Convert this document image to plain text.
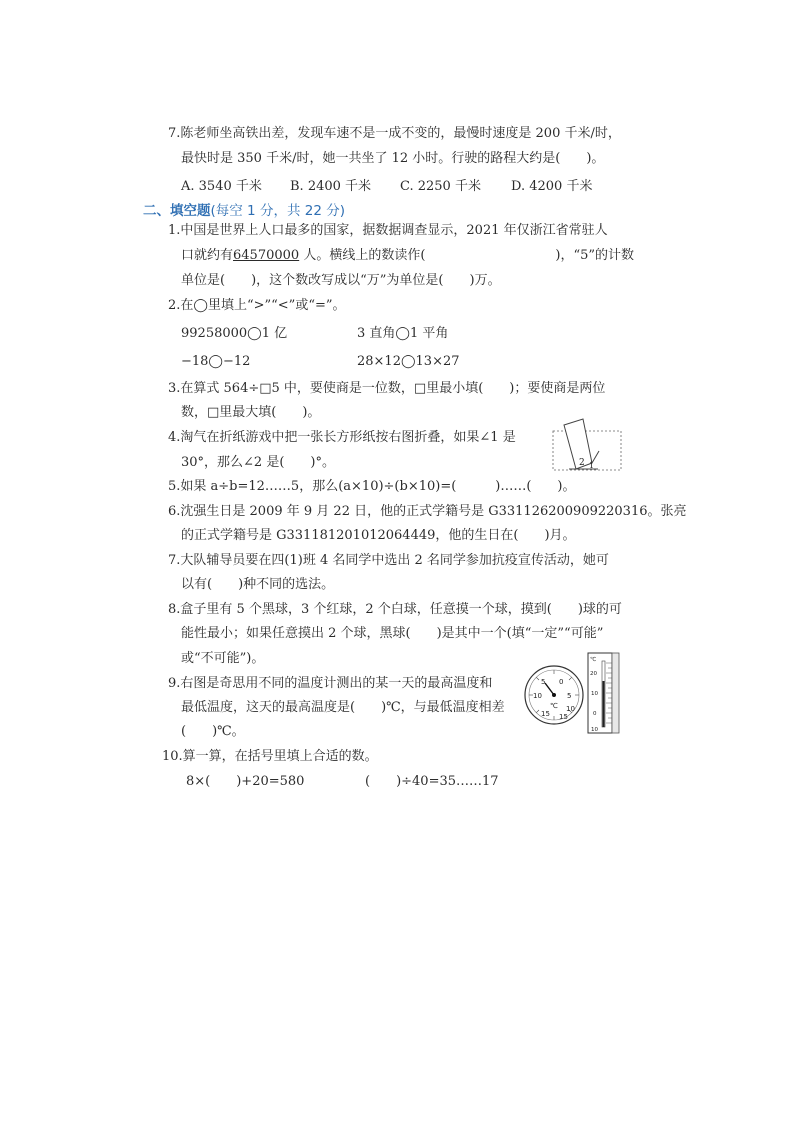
7.陈老师坐高铁出差，发现车速不是一成不变的，最慢时速度是 200 千米/时，
最快时是 350 千米/时，她一共坐了 12 小时。行驶的路程大约是(　　)。
A. 3540 千米 B. 2400 千米 C. 2250 千米 D. 4200 千米
二、填空题(每空 1 分，共 22 分)
1.中国是世界上人口最多的国家，据数据调查显示，2021 年仅浙江省常驻人
口就约有64570000 人。横线上的数读作(　　　　　　　　　　)，“5”的计数
单位是(　　)，这个数改写成以“万”为单位是(　　)万。
2.在◯里填上“>”“<”或“=”。
99258000◯1 亿	3 直角◯1 平角
−18◯−12	28×12◯13×27
3.在算式 564÷□5 中，要使商是一位数，□里最小填(　　)；要使商是两位
数，□里最大填(　　)。
4.淘气在折纸游戏中把一张长方形纸按右图折叠，如果∠1 是
30°，那么∠2 是(　　)°。	2 1
5.如果 a÷b=12……5，那么(a×10)÷(b×10)=(　　　)……(　　)。
6.沈强生日是 2009 年 9 月 22 日，他的正式学籍号是 G331126200909220316。张亮
的正式学籍号是 G331181201012064449，他的生日在(　　)月。
7.大队辅导员要在四(1)班 4 名同学中选出 2 名同学参加抗疫宣传活动，她可
以有(　　)种不同的选法。
8.盒子里有 5 个黑球，3 个红球，2 个白球，任意摸一个球，摸到(　　)球的可
能性最小；如果任意摸出 2 个球，黑球(　　)是其中一个(填“一定”“可能”
或“不可能”)。
9.右图是奇思用不同的温度计测出的某一天的最高温度和
最低温度，这天的最高温度是(　　)℃，与最低温度相差
(　　)℃。
5 0
5
10
15
10
15
℃
℃
20
10
0
10
10.算一算，在括号里填上合适的数。
8×(　　)+20=580	(　　)÷40=35……17
